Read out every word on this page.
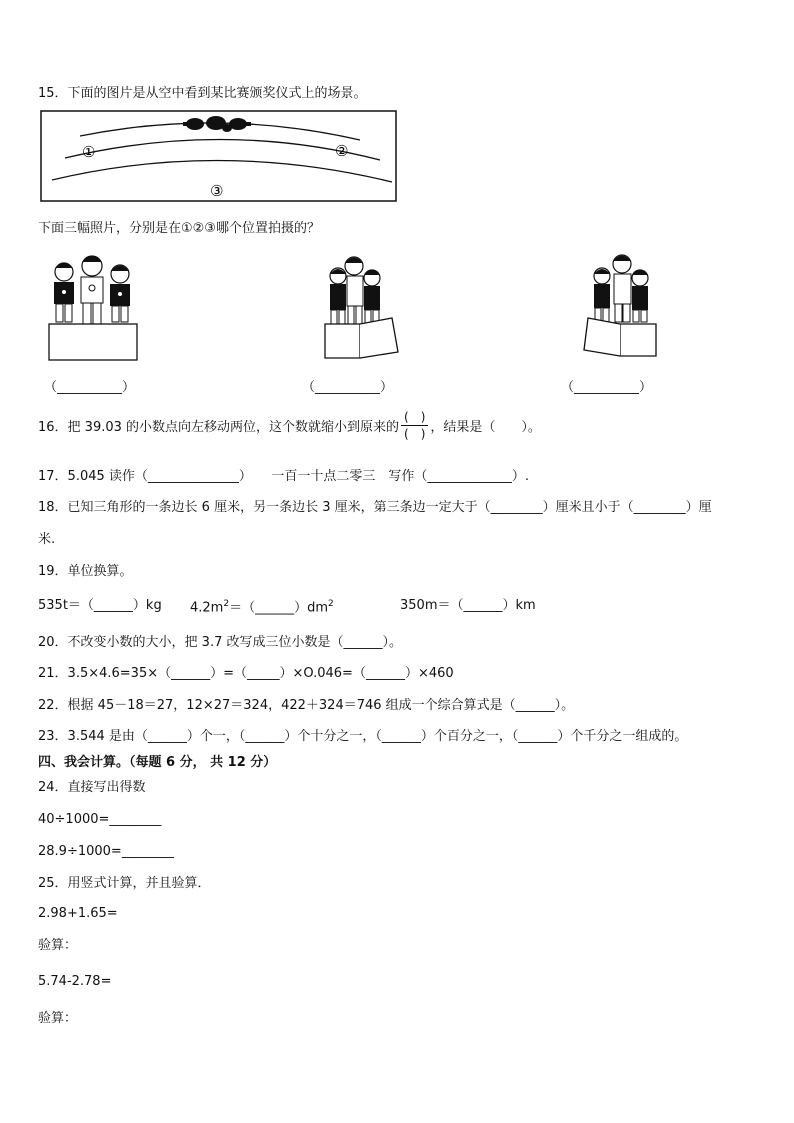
15．下面的图片是从空中看到某比赛颁奖仪式上的场景。
①	②
③
下面三幅照片，分别是在①②③哪个位置拍摄的？
（__________）	（__________）	（__________）
16．把 39.03 的小数点向左移动两位，这个数就缩小到原来的 $\frac{( )}{( )}$ ，结果是（　　）。
17．5.045 读作（______________）　　一百一十点二零三　写作（_____________）.
18．已知三角形的一条边长 6 厘米，另一条边长 3 厘米，第三条边一定大于（________）厘米且小于（________）厘
米.
19．单位换算。
535t＝（______）kg $4.2m^2=(\_\_\_\_\_\_)dm^2$	350m＝（______）km
20．不改变小数的大小，把 3.7 改写成三位小数是（______）。
21．3.5×4.6=35×（______）=（_____）×O.046=（______）×460
22．根据 45－18＝27，12×27＝324，422＋324＝746 组成一个综合算式是（______）。
23．3.544 是由（______）个一，（______）个十分之一，（______）个百分之一，（______）个千分之一组成的。
四、我会计算。（每题 6 分， 共 12 分）
24．直接写出得数
40÷1000=________
28.9÷1000=________
25．用竖式计算，并且验算．
2.98+1.65=
验算：
5.74-2.78=
验算：
